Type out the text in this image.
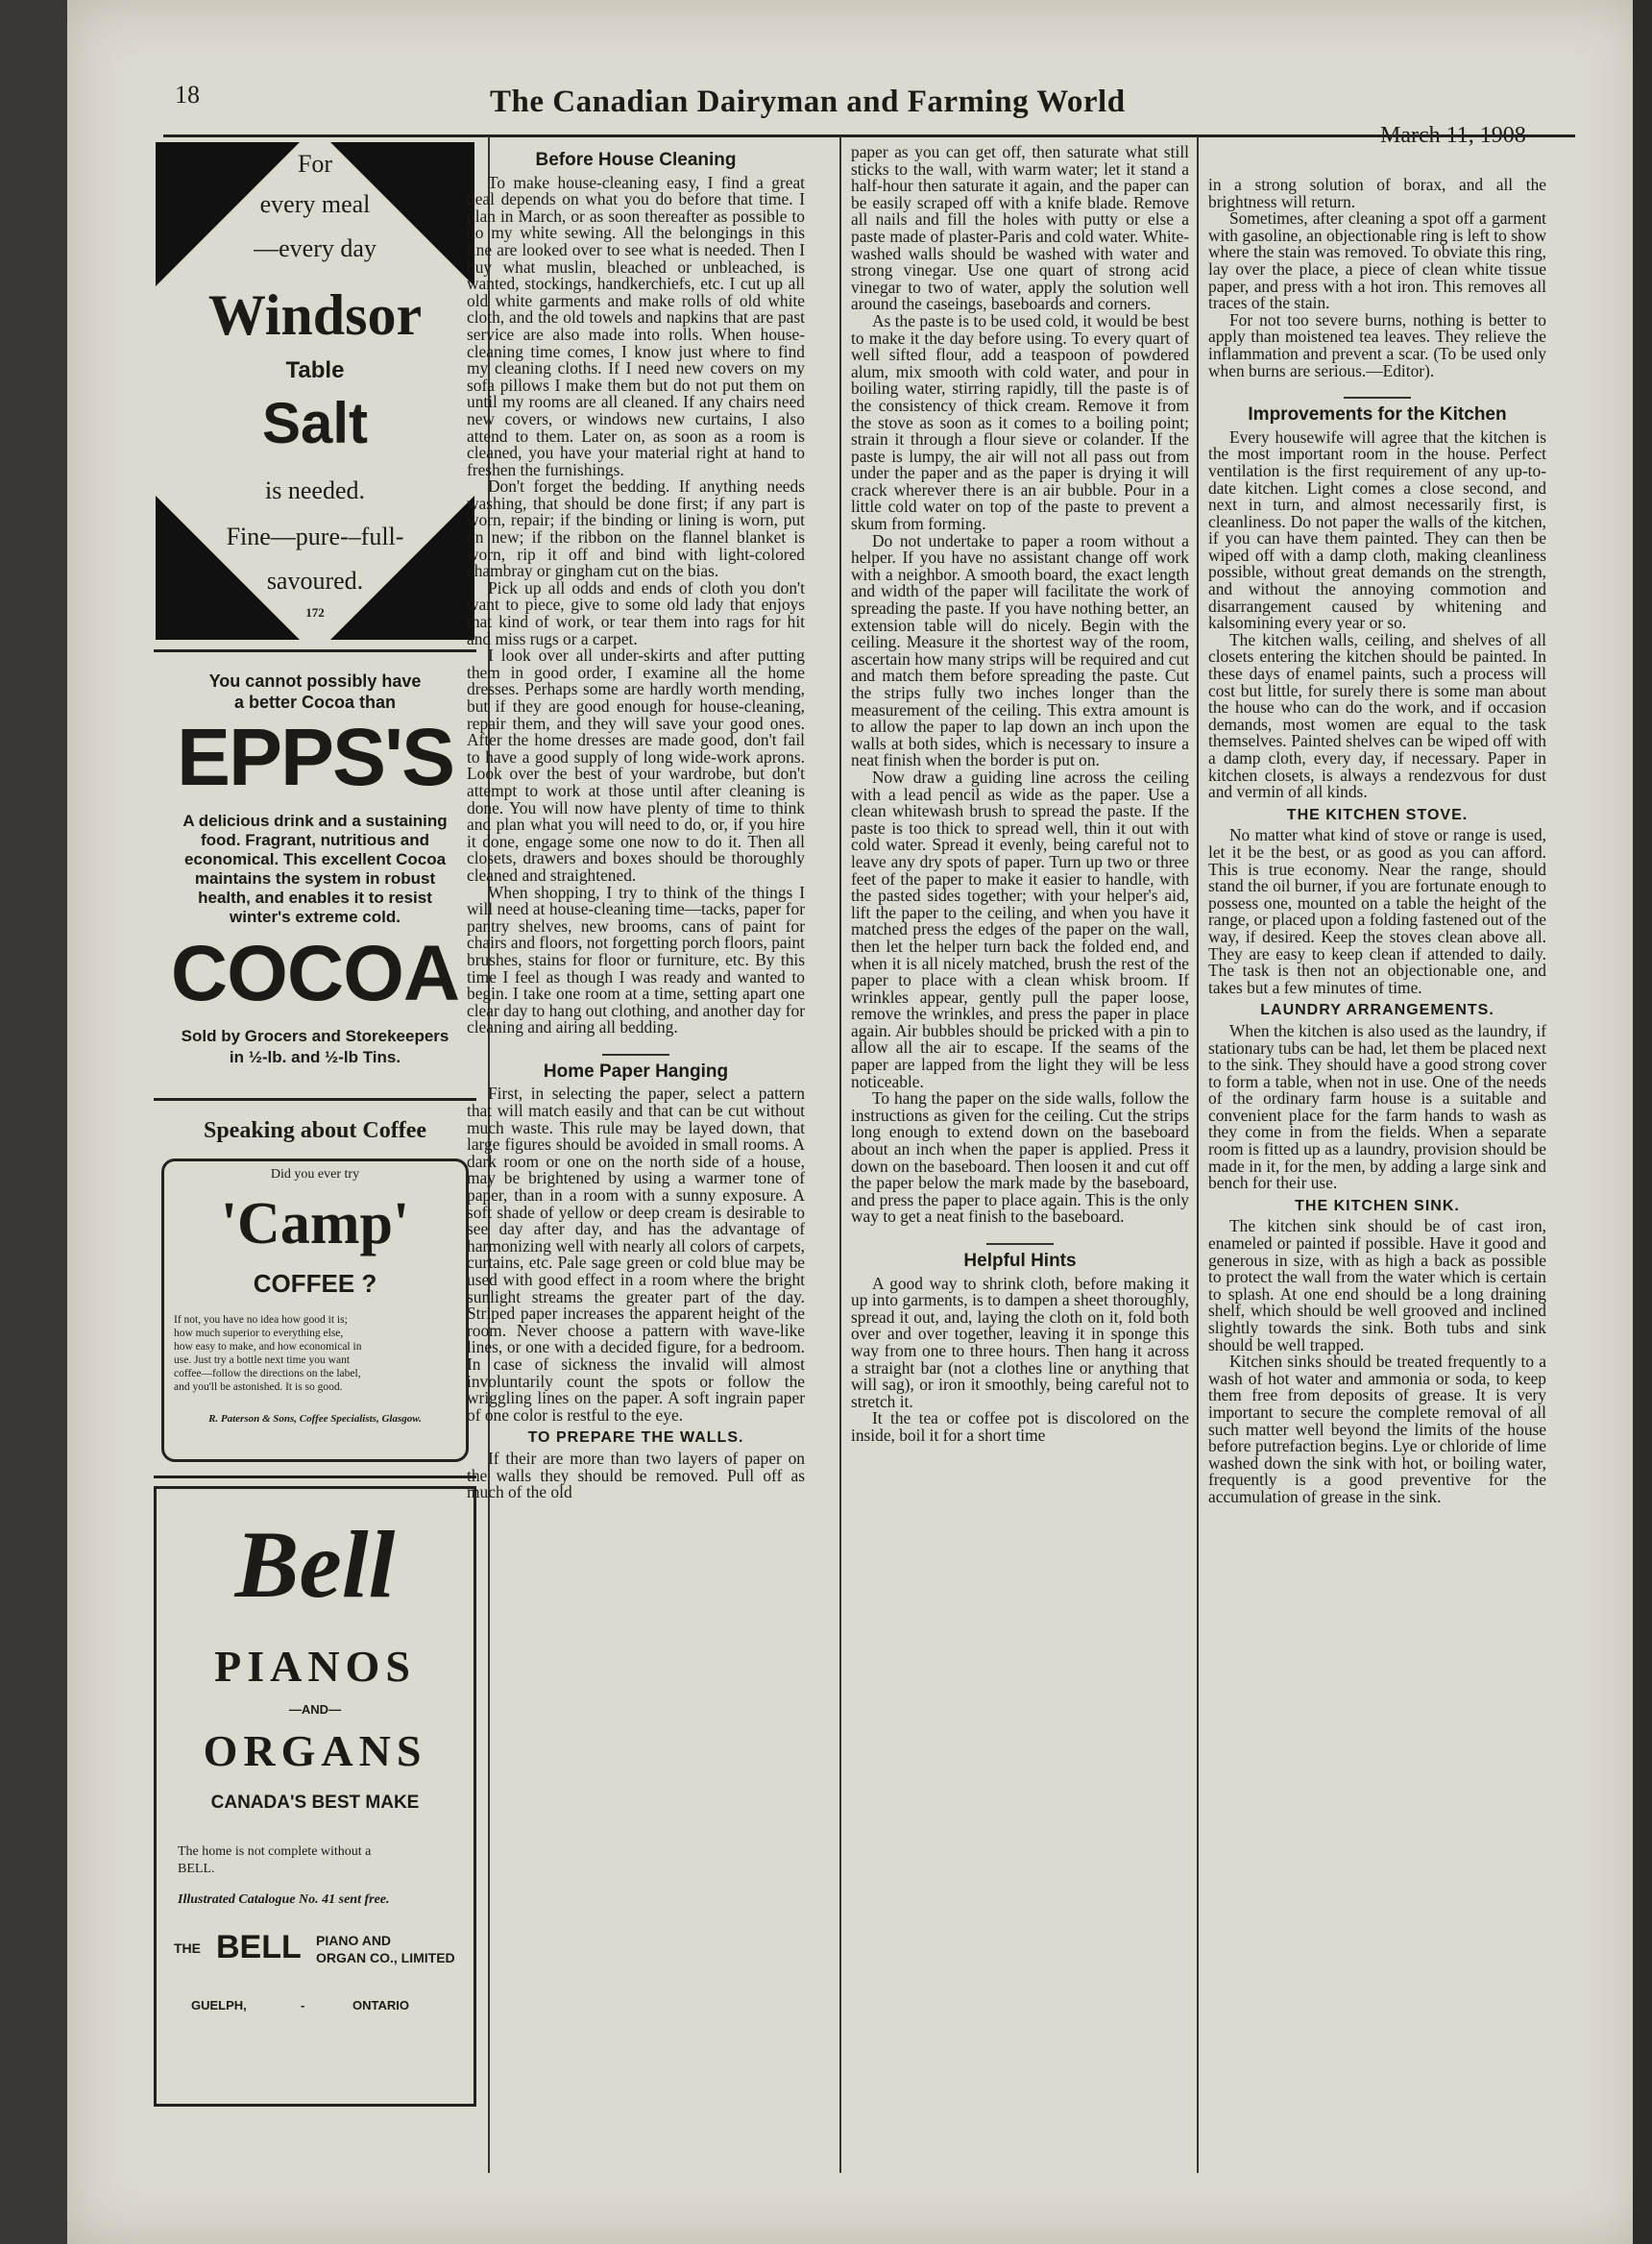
18	The Canadian Dairyman and Farming World
March 11, 1908
For
every meal
—every day
Windsor
Table
Salt
is needed.
Fine—pure-–full-
savoured.
172
You cannot possibly have
a better Cocoa than
EPPS'S
A delicious drink and a sustaining
food. Fragrant, nutritious and
economical. This excellent Cocoa
maintains the system in robust
health, and enables it to resist
winter's extreme cold.
COCOA
Sold by Grocers and Storekeepers
in ½-lb. and ½-lb Tins.
Speaking about Coffee
Did you ever try
'Camp'
COFFEE ?
If not, you have no idea how good it is;
how much superior to everything else,
how easy to make, and how economical in
use. Just try a bottle next time you want
coffee—follow the directions on the label,
and you'll be astonished. It is so good.
R. Paterson & Sons, Coffee Specialists, Glasgow.
Bell
PIANOS
—AND—
ORGANS
CANADA'S BEST MAKE
The home is not complete without a
BELL.
Illustrated Catalogue No. 41 sent free.
THE BELL PIANO AND
ORGAN CO., LIMITED
GUELPH,	-	ONTARIO
Before House Cleaning

To make house-cleaning easy, I find a great deal depends on what you do before that time. I plan in March, or as soon thereafter as possible to do my white sewing. All the belongings in this line are looked over to see what is needed. Then I buy what muslin, bleached or unbleached, is wanted, stockings, handkerchiefs, etc. I cut up all old white garments and make rolls of old white cloth, and the old towels and napkins that are past service are also made into rolls. When house-cleaning time comes, I know just where to find my cleaning cloths. If I need new covers on my sofa pillows I make them but do not put them on until my rooms are all cleaned. If any chairs need new covers, or windows new curtains, I also attend to them. Later on, as soon as a room is cleaned, you have your material right at hand to freshen the furnishings.

Don't forget the bedding. If anything needs washing, that should be done first; if any part is worn, repair; if the binding or lining is worn, put on new; if the ribbon on the flannel blanket is worn, rip it off and bind with light-colored chambray or gingham cut on the bias.

Pick up all odds and ends of cloth you don't want to piece, give to some old lady that enjoys that kind of work, or tear them into rags for hit and miss rugs or a carpet.

I look over all under-skirts and after putting them in good order, I examine all the home dresses. Perhaps some are hardly worth mending, but if they are good enough for house-cleaning, repair them, and they will save your good ones. After the home dresses are made good, don't fail to have a good supply of long wide-work aprons. Look over the best of your wardrobe, but don't attempt to work at those until after cleaning is done. You will now have plenty of time to think and plan what you will need to do, or, if you hire it done, engage some one now to do it. Then all closets, drawers and boxes should be thoroughly cleaned and straightened.

When shopping, I try to think of the things I will need at house-cleaning time—tacks, paper for pantry shelves, new brooms, cans of paint for chairs and floors, not forgetting porch floors, paint brushes, stains for floor or furniture, etc. By this time I feel as though I was ready and wanted to begin. I take one room at a time, setting apart one clear day to hang out clothing, and another day for cleaning and airing all bedding.

Home Paper Hanging

First, in selecting the paper, select a pattern that will match easily and that can be cut without much waste. This rule may be layed down, that large figures should be avoided in small rooms. A dark room or one on the north side of a house, may be brightened by using a warmer tone of paper, than in a room with a sunny exposure. A soft shade of yellow or deep cream is desirable to see day after day, and has the advantage of harmonizing well with nearly all colors of carpets, curtains, etc. Pale sage green or cold blue may be used with good effect in a room where the bright sunlight streams the greater part of the day. Striped paper increases the apparent height of the room. Never choose a pattern with wave-like lines, or one with a decided figure, for a bedroom. In case of sickness the invalid will almost involuntarily count the spots or follow the wriggling lines on the paper. A soft ingrain paper of one color is restful to the eye.

TO PREPARE THE WALLS.

If their are more than two layers of paper on the walls they should be removed. Pull off as much of the old

paper as you can get off, then saturate what still sticks to the wall, with warm water; let it stand a half-hour then saturate it again, and the paper can be easily scraped off with a knife blade. Remove all nails and fill the holes with putty or else a paste made of plaster-Paris and cold water. White-washed walls should be washed with water and strong vinegar. Use one quart of strong acid vinegar to two of water, apply the solution well around the caseings, baseboards and corners.

As the paste is to be used cold, it would be best to make it the day before using. To every quart of well sifted flour, add a teaspoon of powdered alum, mix smooth with cold water, and pour in boiling water, stirring rapidly, till the paste is of the consistency of thick cream. Remove it from the stove as soon as it comes to a boiling point; strain it through a flour sieve or colander. If the paste is lumpy, the air will not all pass out from under the paper and as the paper is drying it will crack wherever there is an air bubble. Pour in a little cold water on top of the paste to prevent a skum from forming.

Do not undertake to paper a room without a helper. If you have no assistant change off work with a neighbor. A smooth board, the exact length and width of the paper will facilitate the work of spreading the paste. If you have nothing better, an extension table will do nicely. Begin with the ceiling. Measure it the shortest way of the room, ascertain how many strips will be required and cut and match them before spreading the paste. Cut the strips fully two inches longer than the measurement of the ceiling. This extra amount is to allow the paper to lap down an inch upon the walls at both sides, which is necessary to insure a neat finish when the border is put on.

Now draw a guiding line across the ceiling with a lead pencil as wide as the paper. Use a clean whitewash brush to spread the paste. If the paste is too thick to spread well, thin it out with cold water. Spread it evenly, being careful not to leave any dry spots of paper. Turn up two or three feet of the paper to make it easier to handle, with the pasted sides together; with your helper's aid, lift the paper to the ceiling, and when you have it matched press the edges of the paper on the wall, then let the helper turn back the folded end, and when it is all nicely matched, brush the rest of the paper to place with a clean whisk broom. If wrinkles appear, gently pull the paper loose, remove the wrinkles, and press the paper in place again. Air bubbles should be pricked with a pin to allow all the air to escape. If the seams of the paper are lapped from the light they will be less noticeable.

To hang the paper on the side walls, follow the instructions as given for the ceiling. Cut the strips long enough to extend down on the baseboard about an inch when the paper is applied. Press it down on the baseboard. Then loosen it and cut off the paper below the mark made by the baseboard, and press the paper to place again. This is the only way to get a neat finish to the baseboard.

Helpful Hints

A good way to shrink cloth, before making it up into garments, is to dampen a sheet thoroughly, spread it out, and, laying the cloth on it, fold both over and over together, leaving it in sponge this way from one to three hours. Then hang it across a straight bar (not a clothes line or anything that will sag), or iron it smoothly, being careful not to stretch it.

It the tea or coffee pot is discolored on the inside, boil it for a short time

in a strong solution of borax, and all the brightness will return.

Sometimes, after cleaning a spot off a garment with gasoline, an objectionable ring is left to show where the stain was removed. To obviate this ring, lay over the place, a piece of clean white tissue paper, and press with a hot iron. This removes all traces of the stain.

For not too severe burns, nothing is better to apply than moistened tea leaves. They relieve the inflammation and prevent a scar. (To be used only when burns are serious.—Editor).

Improvements for the Kitchen

Every housewife will agree that the kitchen is the most important room in the house. Perfect ventilation is the first requirement of any up-to-date kitchen. Light comes a close second, and next in turn, and almost necessarily first, is cleanliness. Do not paper the walls of the kitchen, if you can have them painted. They can then be wiped off with a damp cloth, making cleanliness possible, without great demands on the strength, and without the annoying commotion and disarrangement caused by whitening and kalsomining every year or so.

The kitchen walls, ceiling, and shelves of all closets entering the kitchen should be painted. In these days of enamel paints, such a process will cost but little, for surely there is some man about the house who can do the work, and if occasion demands, most women are equal to the task themselves. Painted shelves can be wiped off with a damp cloth, every day, if necessary. Paper in kitchen closets, is always a rendezvous for dust and vermin of all kinds.

THE KITCHEN STOVE.

No matter what kind of stove or range is used, let it be the best, or as good as you can afford. This is true economy. Near the range, should stand the oil burner, if you are fortunate enough to possess one, mounted on a table the height of the range, or placed upon a folding fastened out of the way, if desired. Keep the stoves clean above all. They are easy to keep clean if attended to daily. The task is then not an objectionable one, and takes but a few minutes of time.

LAUNDRY ARRANGEMENTS.

When the kitchen is also used as the laundry, if stationary tubs can be had, let them be placed next to the sink. They should have a good strong cover to form a table, when not in use. One of the needs of the ordinary farm house is a suitable and convenient place for the farm hands to wash as they come in from the fields. When a separate room is fitted up as a laundry, provision should be made in it, for the men, by adding a large sink and bench for their use.

THE KITCHEN SINK.

The kitchen sink should be of cast iron, enameled or painted if possible. Have it good and generous in size, with as high a back as possible to protect the wall from the water which is certain to splash. At one end should be a long draining shelf, which should be well grooved and inclined slightly towards the sink. Both tubs and sink should be well trapped.

Kitchen sinks should be treated frequently to a wash of hot water and ammonia or soda, to keep them free from deposits of grease. It is very important to secure the complete removal of all such matter well beyond the limits of the house before putrefaction begins. Lye or chloride of lime washed down the sink with hot, or boiling water, frequently is a good preventive for the accumulation of grease in the sink.
